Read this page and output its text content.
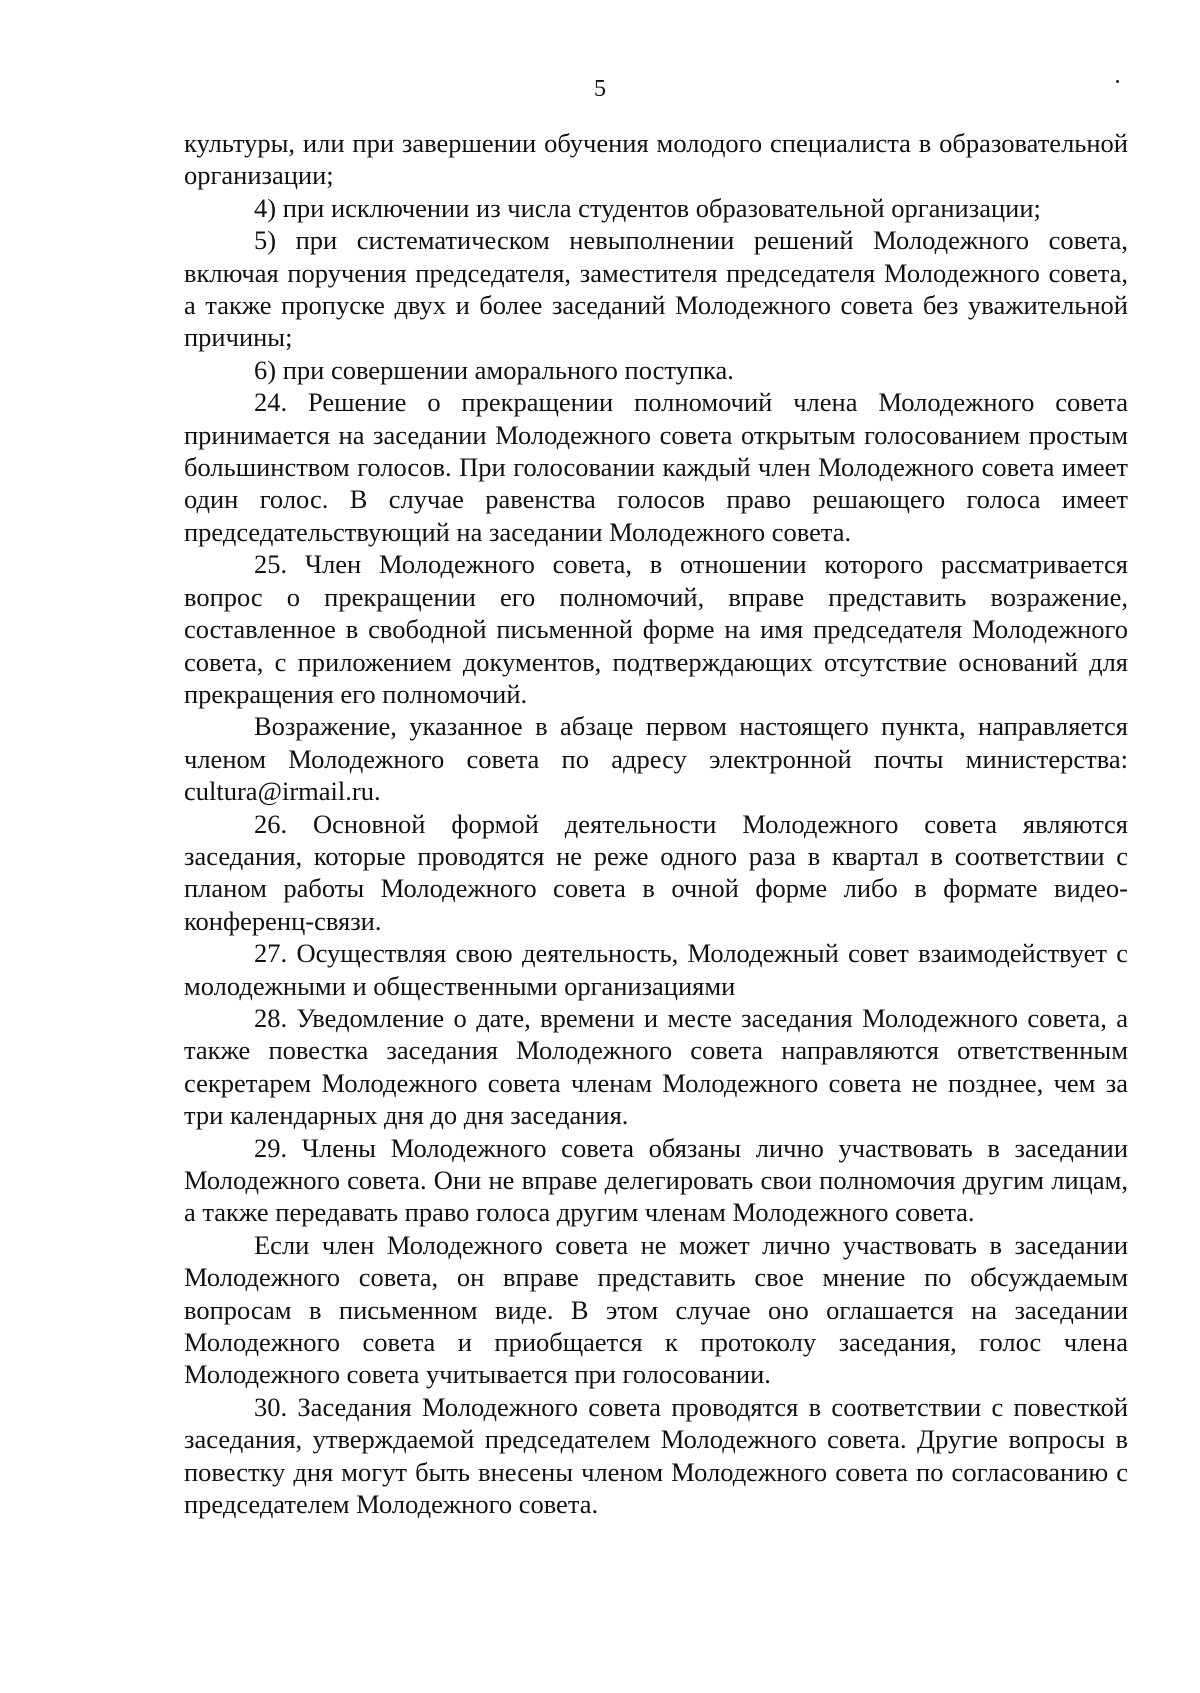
5

культуры, или при завершении обучения молодого специалиста в образовательной организации;

4) при исключении из числа студентов образовательной организации;

5) при систематическом невыполнении решений Молодежного совета, включая поручения председателя, заместителя председателя Молодежного совета, а также пропуске двух и более заседаний Молодежного совета без уважительной причины;

6) при совершении аморального поступка.

24. Решение о прекращении полномочий члена Молодежного совета принимается на заседании Молодежного совета открытым голосованием простым большинством голосов. При голосовании каждый член Молодежного совета имеет один голос. В случае равенства голосов право решающего голоса имеет председательствующий на заседании Молодежного совета.

25. Член Молодежного совета, в отношении которого рассматривается вопрос о прекращении его полномочий, вправе представить возражение, составленное в свободной письменной форме на имя председателя Молодежного совета, с приложением документов, подтверждающих отсутствие оснований для прекращения его полномочий.

Возражение, указанное в абзаце первом настоящего пункта, направляется членом Молодежного совета по адресу электронной почты министерства: cultura@irmail.ru.

26. Основной формой деятельности Молодежного совета являются заседания, которые проводятся не реже одного раза в квартал в соответствии с планом работы Молодежного совета в очной форме либо в формате видео-конференц-связи.

27. Осуществляя свою деятельность, Молодежный совет взаимодействует с молодежными и общественными организациями

28. Уведомление о дате, времени и месте заседания Молодежного совета, а также повестка заседания Молодежного совета направляются ответственным секретарем Молодежного совета членам Молодежного совета не позднее, чем за три календарных дня до дня заседания.

29. Члены Молодежного совета обязаны лично участвовать в заседании Молодежного совета. Они не вправе делегировать свои полномочия другим лицам, а также передавать право голоса другим членам Молодежного совета.

Если член Молодежного совета не может лично участвовать в заседании Молодежного совета, он вправе представить свое мнение по обсуждаемым вопросам в письменном виде. В этом случае оно оглашается на заседании Молодежного совета и приобщается к протоколу заседания, голос члена Молодежного совета учитывается при голосовании.

30. Заседания Молодежного совета проводятся в соответствии с повесткой заседания, утверждаемой председателем Молодежного совета. Другие вопросы в повестку дня могут быть внесены членом Молодежного совета по согласованию с председателем Молодежного совета.
